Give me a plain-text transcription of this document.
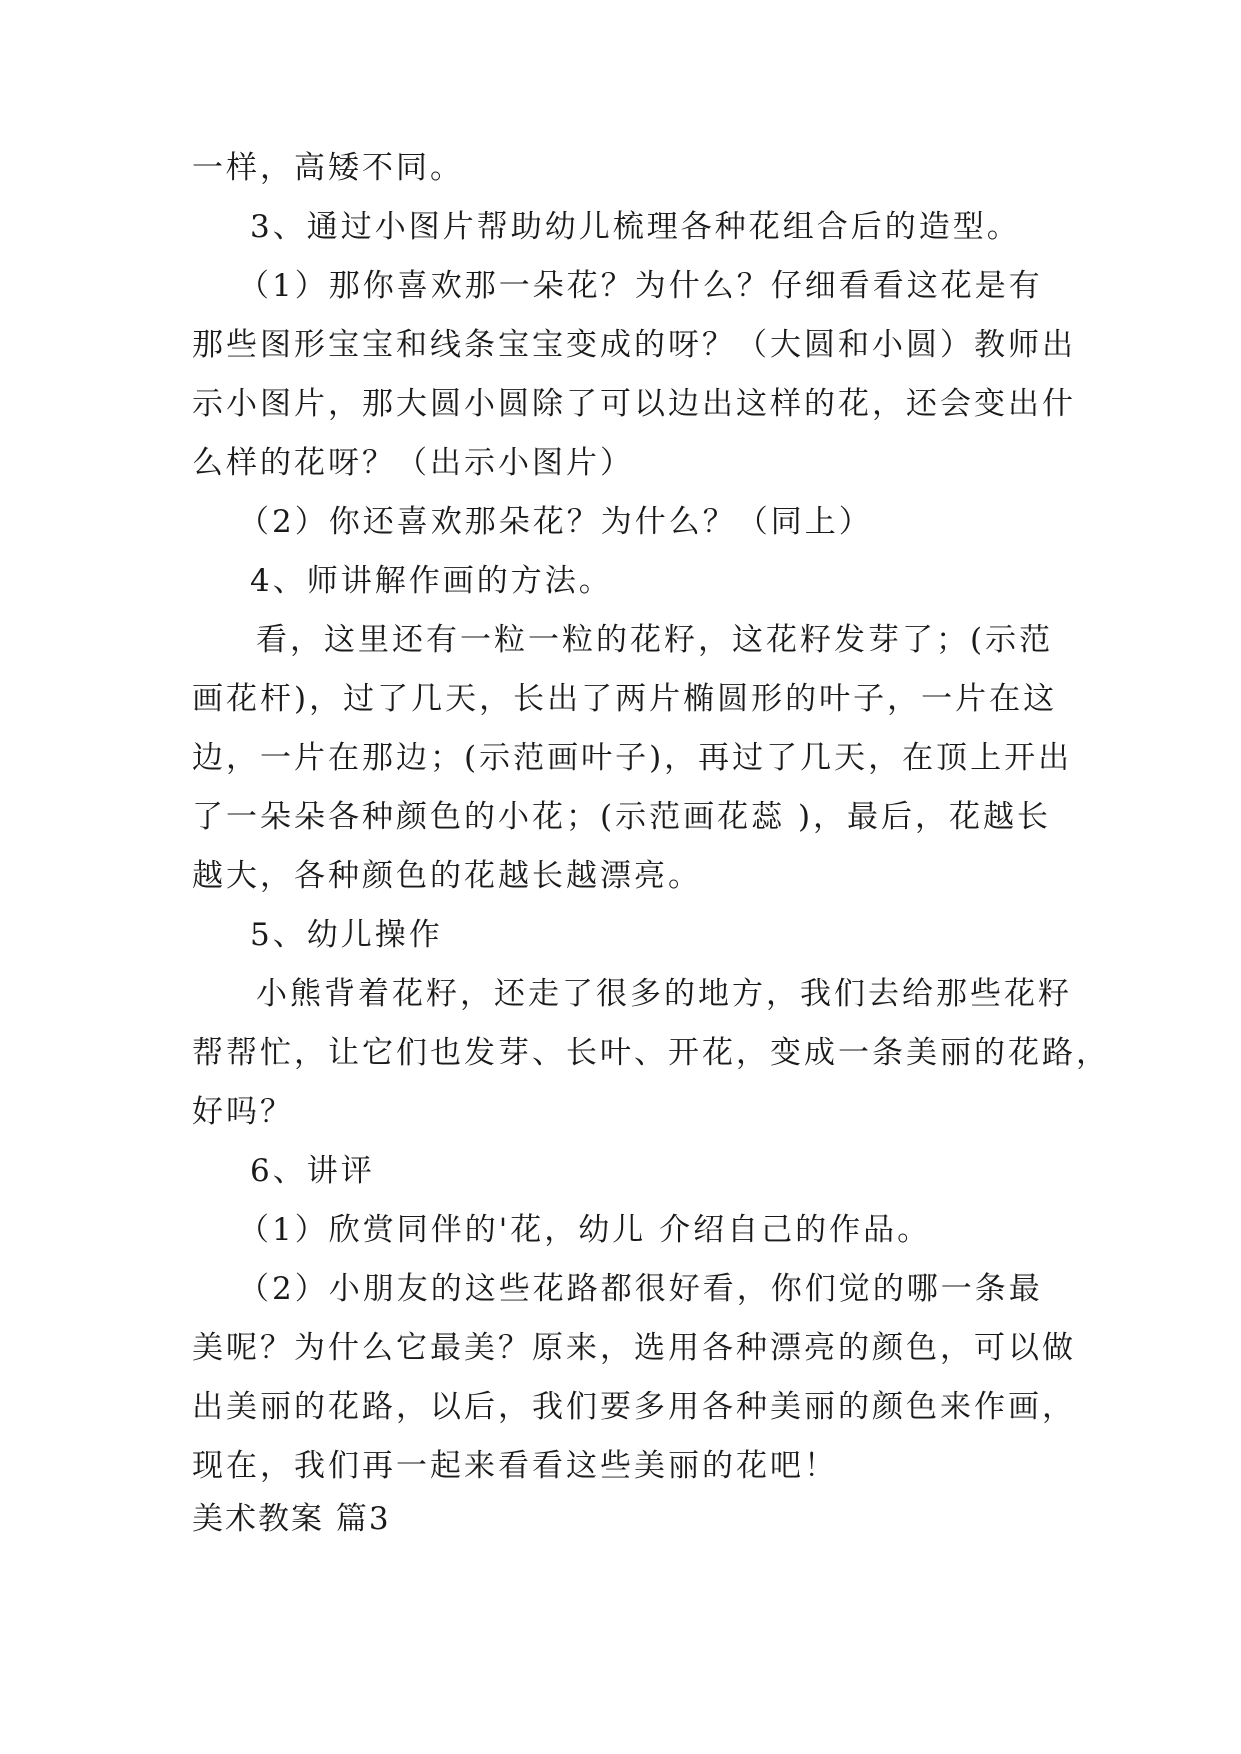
一样，高矮不同。
3、通过小图片帮助幼儿梳理各种花组合后的造型。
（1）那你喜欢那一朵花？为什么？仔细看看这花是有
那些图形宝宝和线条宝宝变成的呀？（大圆和小圆）教师出
示小图片，那大圆小圆除了可以边出这样的花，还会变出什
么样的花呀？（出示小图片）
（2）你还喜欢那朵花？为什么？（同上）
4、师讲解作画的方法。
看，这里还有一粒一粒的花籽，这花籽发芽了；(示范
画花杆)，过了几天，长出了两片椭圆形的叶子，一片在这
边，一片在那边；(示范画叶子)，再过了几天，在顶上开出
了一朵朵各种颜色的小花；(示范画花蕊 )，最后，花越长
越大，各种颜色的花越长越漂亮。
5、幼儿操作
小熊背着花籽，还走了很多的地方，我们去给那些花籽
帮帮忙，让它们也发芽、长叶、开花，变成一条美丽的花路，
好吗？
6、讲评
（1）欣赏同伴的'花，幼儿 介绍自己的作品。
（2）小朋友的这些花路都很好看，你们觉的哪一条最
美呢？为什么它最美？原来，选用各种漂亮的颜色，可以做
出美丽的花路，以后，我们要多用各种美丽的颜色来作画，
现在，我们再一起来看看这些美丽的花吧！
美术教案 篇3
